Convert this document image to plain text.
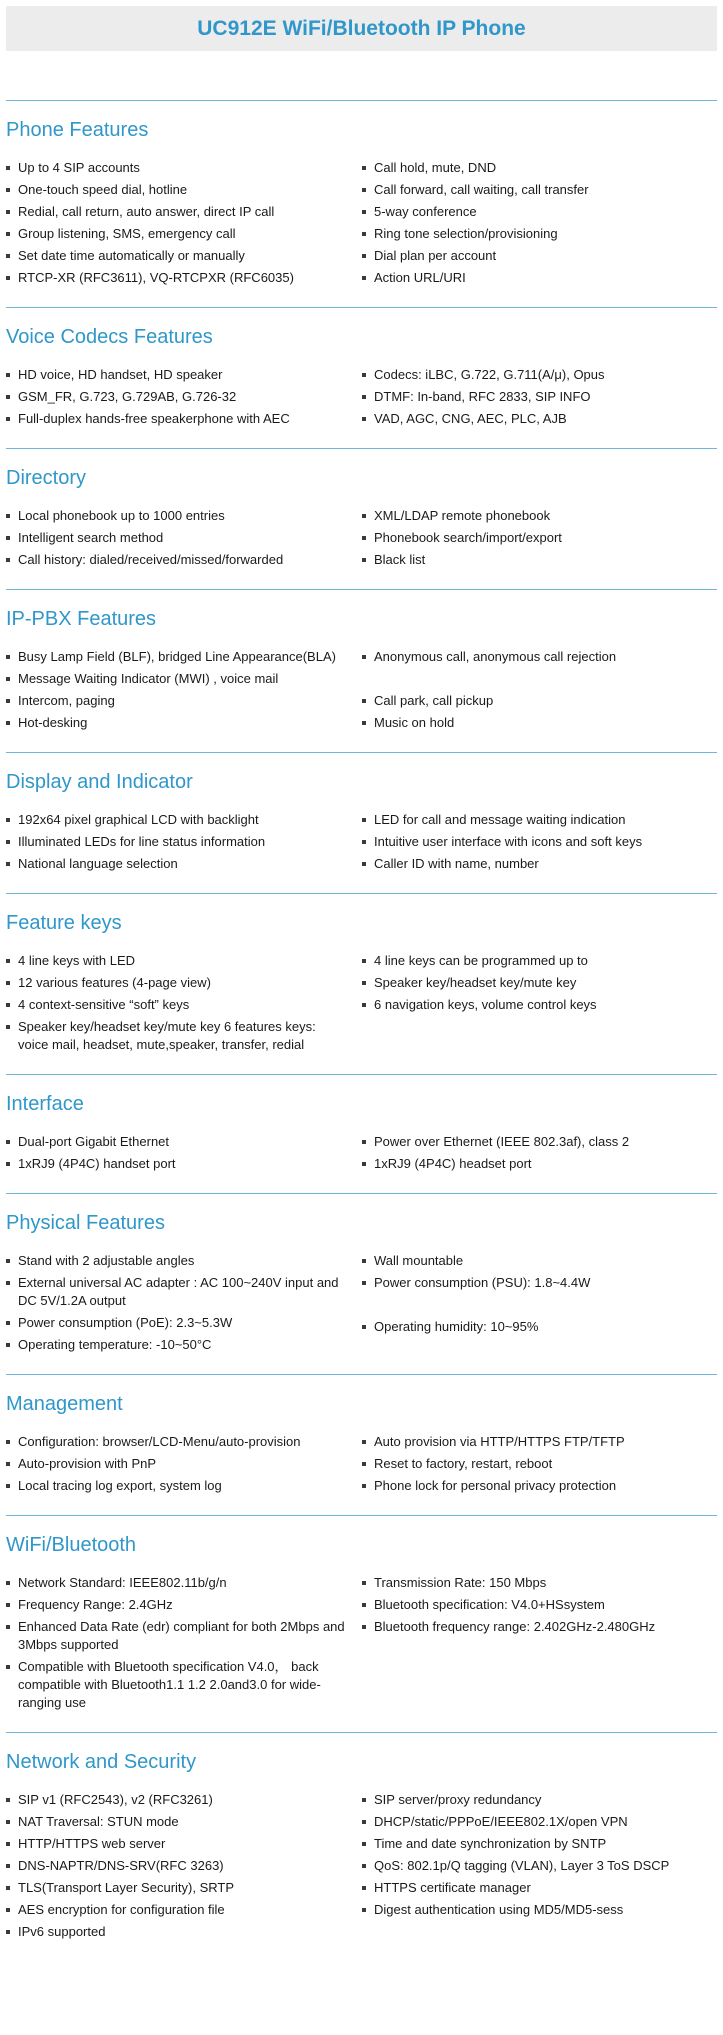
UC912E WiFi/Bluetooth IP Phone
Phone Features
Up to 4 SIP accounts
One-touch speed dial, hotline
Redial, call return, auto answer, direct IP call
Group listening, SMS, emergency call
Set date time automatically or manually
RTCP-XR (RFC3611), VQ-RTCPXR (RFC6035)
Call hold, mute, DND
Call forward, call waiting, call transfer
5-way conference
Ring tone selection/provisioning
Dial plan per account
Action URL/URI
Voice Codecs Features
HD voice, HD handset, HD speaker
GSM_FR, G.723, G.729AB, G.726-32
Full-duplex hands-free speakerphone with AEC
Codecs: iLBC, G.722, G.711(A/μ), Opus
DTMF: In-band, RFC 2833, SIP INFO
VAD, AGC, CNG, AEC, PLC, AJB
Directory
Local phonebook up to 1000 entries
Intelligent search method
Call history: dialed/received/missed/forwarded
XML/LDAP remote phonebook
Phonebook search/import/export
Black list
IP-PBX Features
Busy Lamp Field (BLF), bridged Line Appearance(BLA)
Message Waiting Indicator (MWI) , voice mail
Intercom, paging
Hot-desking
Anonymous call, anonymous call rejection
Call park, call pickup
Music on hold
Display and Indicator
192x64 pixel graphical LCD with backlight
Illuminated LEDs for line status information
National language selection
LED for call and message waiting indication
Intuitive user interface with icons and soft keys
Caller ID with name, number
Feature keys
4 line keys with LED
12 various features (4-page view)
4 context-sensitive “soft” keys
Speaker key/headset key/mute key 6 features keys: voice mail, headset, mute,speaker, transfer, redial
4 line keys can be programmed up to
Speaker key/headset key/mute key
6 navigation keys, volume control keys
Interface
Dual-port Gigabit Ethernet
1xRJ9 (4P4C) handset port
Power over Ethernet (IEEE 802.3af), class 2
1xRJ9 (4P4C) headset port
Physical Features
Stand with 2 adjustable angles
External universal AC adapter : AC 100~240V input and DC 5V/1.2A output
Power consumption (PoE): 2.3~5.3W
Operating temperature: -10~50°C
Wall mountable
Power consumption (PSU): 1.8~4.4W
Operating humidity: 10~95%
Management
Configuration: browser/LCD-Menu/auto-provision
Auto-provision with PnP
Local tracing log export, system log
Auto provision via HTTP/HTTPS FTP/TFTP
Reset to factory, restart, reboot
Phone lock for personal privacy protection
WiFi/Bluetooth
Network Standard: IEEE802.11b/g/n
Frequency Range: 2.4GHz
Enhanced Data Rate (edr) compliant for both 2Mbps and 3Mbps supported
Compatible with Bluetooth specification V4.0， back compatible with Bluetooth1.1 1.2 2.0and3.0 for wide-ranging use
Transmission Rate: 150 Mbps
Bluetooth specification: V4.0+HSsystem
Bluetooth frequency range: 2.402GHz-2.480GHz
Network and Security
SIP v1 (RFC2543), v2 (RFC3261)
NAT Traversal: STUN mode
HTTP/HTTPS web server
DNS-NAPTR/DNS-SRV(RFC 3263)
TLS(Transport Layer Security), SRTP
AES encryption for configuration file
IPv6 supported
SIP server/proxy redundancy
DHCP/static/PPPoE/IEEE802.1X/open VPN
Time and date synchronization by SNTP
QoS: 802.1p/Q tagging (VLAN), Layer 3 ToS DSCP
HTTPS certificate manager
Digest authentication using MD5/MD5-sess
